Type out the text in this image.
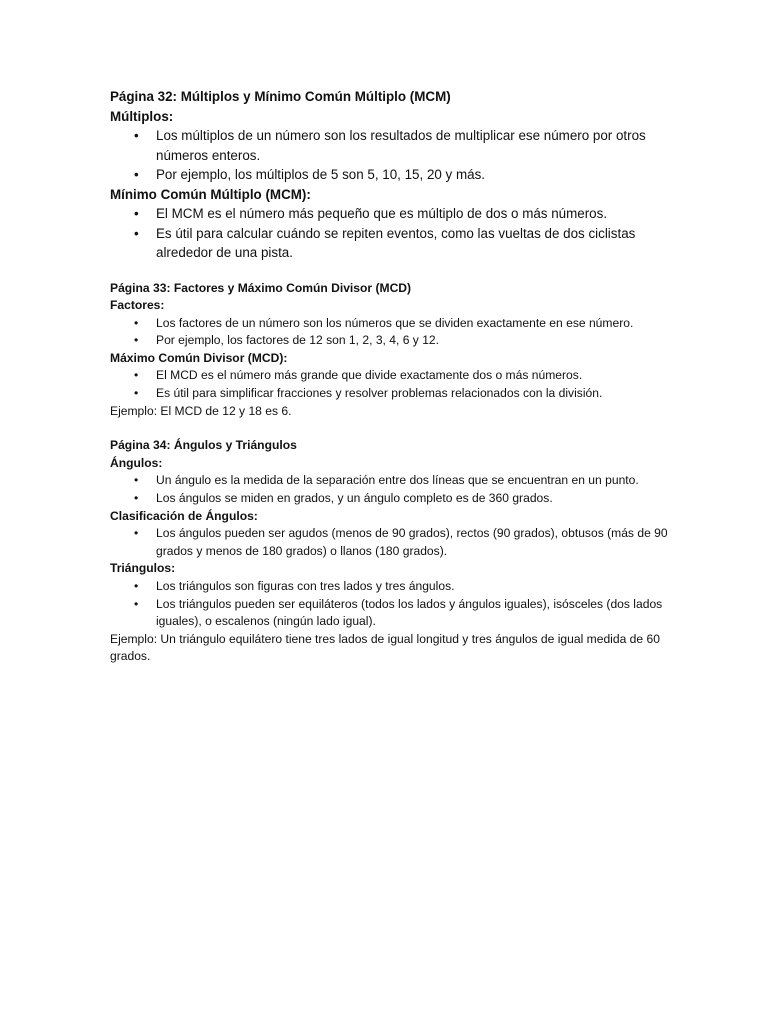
Página 32: Múltiplos y Mínimo Común Múltiplo (MCM)

Múltiplos:

• Los múltiplos de un número son los resultados de multiplicar ese número por otros números enteros.
• Por ejemplo, los múltiplos de 5 son 5, 10, 15, 20 y más.

Mínimo Común Múltiplo (MCM):

• El MCM es el número más pequeño que es múltiplo de dos o más números.
• Es útil para calcular cuándo se repiten eventos, como las vueltas de dos ciclistas alrededor de una pista.

Página 33: Factores y Máximo Común Divisor (MCD)

Factores:

• Los factores de un número son los números que se dividen exactamente en ese número.
• Por ejemplo, los factores de 12 son 1, 2, 3, 4, 6 y 12.

Máximo Común Divisor (MCD):

• El MCD es el número más grande que divide exactamente dos o más números.
• Es útil para simplificar fracciones y resolver problemas relacionados con la división.

Ejemplo: El MCD de 12 y 18 es 6.

Página 34: Ángulos y Triángulos

Ángulos:

• Un ángulo es la medida de la separación entre dos líneas que se encuentran en un punto.
• Los ángulos se miden en grados, y un ángulo completo es de 360 grados.

Clasificación de Ángulos:

• Los ángulos pueden ser agudos (menos de 90 grados), rectos (90 grados), obtusos (más de 90 grados y menos de 180 grados) o llanos (180 grados).

Triángulos:

• Los triángulos son figuras con tres lados y tres ángulos.
• Los triángulos pueden ser equiláteros (todos los lados y ángulos iguales), isósceles (dos lados iguales), o escalenos (ningún lado igual).

Ejemplo: Un triángulo equilátero tiene tres lados de igual longitud y tres ángulos de igual medida de 60 grados.
